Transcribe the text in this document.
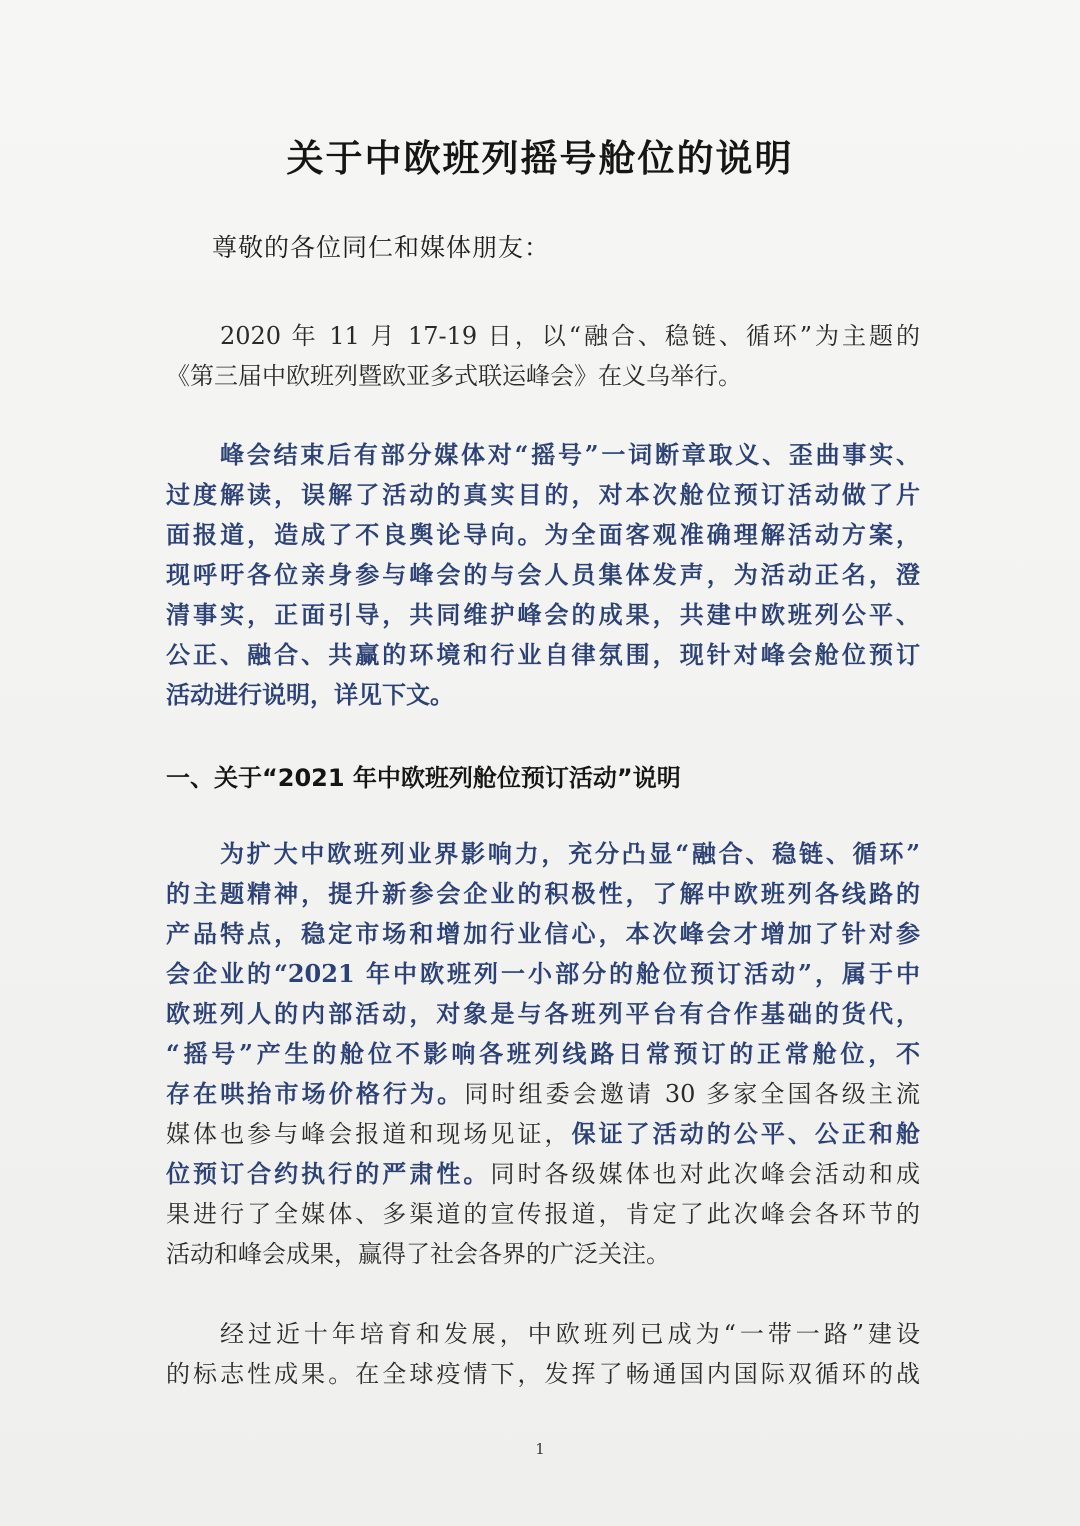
关于中欧班列摇号舱位的说明
尊敬的各位同仁和媒体朋友：
2020 年 11 月 17-19 日，以“融合、稳链、循环”为主题的
《第三届中欧班列暨欧亚多式联运峰会》在义乌举行。
峰会结束后有部分媒体对“摇号”一词断章取义、歪曲事实、
过度解读，误解了活动的真实目的，对本次舱位预订活动做了片
面报道，造成了不良舆论导向。为全面客观准确理解活动方案，
现呼吁各位亲身参与峰会的与会人员集体发声，为活动正名，澄
清事实，正面引导，共同维护峰会的成果，共建中欧班列公平、
公正、融合、共赢的环境和行业自律氛围，现针对峰会舱位预订
活动进行说明，详见下文。
一、关于“2021 年中欧班列舱位预订活动”说明
为扩大中欧班列业界影响力，充分凸显“融合、稳链、循环”
的主题精神，提升新参会企业的积极性，了解中欧班列各线路的
产品特点，稳定市场和增加行业信心，本次峰会才增加了针对参
会企业的“2021 年中欧班列一小部分的舱位预订活动”，属于中
欧班列人的内部活动，对象是与各班列平台有合作基础的货代，
“摇号”产生的舱位不影响各班列线路日常预订的正常舱位，不
存在哄抬市场价格行为。同时组委会邀请 30 多家全国各级主流
媒体也参与峰会报道和现场见证，保证了活动的公平、公正和舱
位预订合约执行的严肃性。同时各级媒体也对此次峰会活动和成
果进行了全媒体、多渠道的宣传报道，肯定了此次峰会各环节的
活动和峰会成果，赢得了社会各界的广泛关注。
经过近十年培育和发展，中欧班列已成为“一带一路”建设
的标志性成果。在全球疫情下，发挥了畅通国内国际双循环的战
1
